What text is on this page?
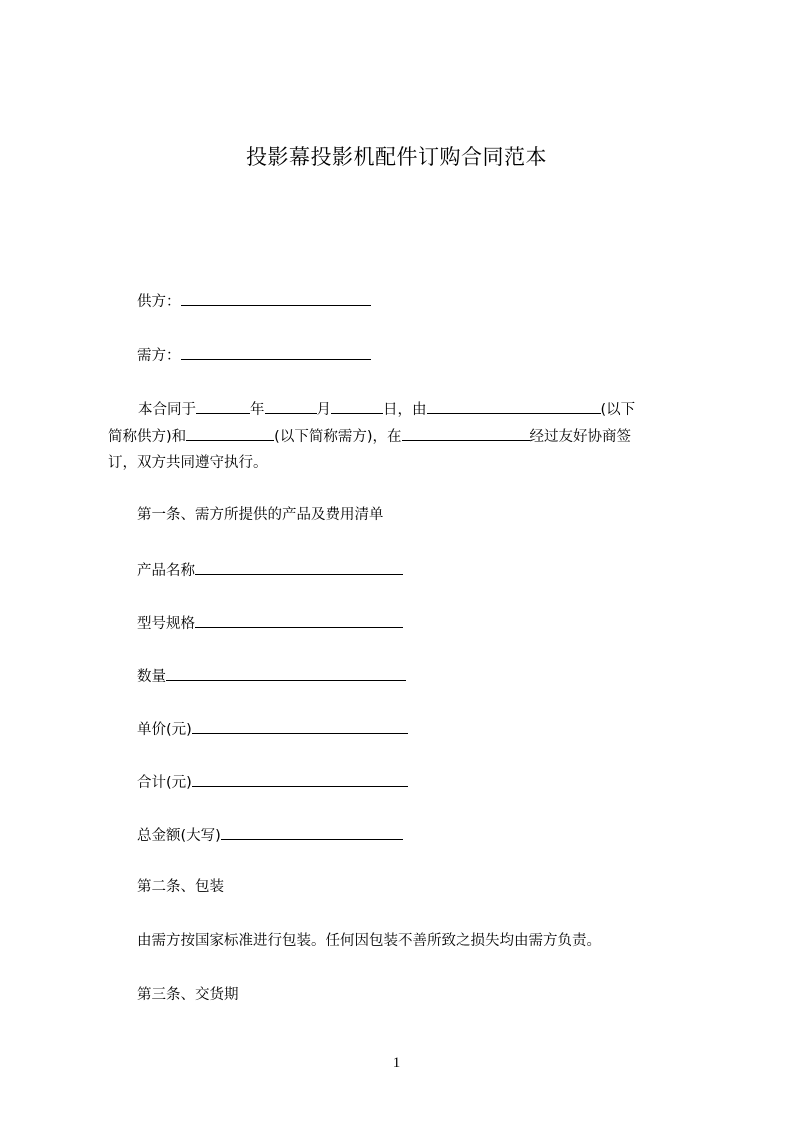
投影幕投影机配件订购合同范本
供方：
需方：
本合同于	年	月	日，由	(以下
简称供方)和	(以下简称需方)，在	经过友好协商签
订，双方共同遵守执行。
第一条、需方所提供的产品及费用清单
产品名称
型号规格
数量
单价(元)
合计(元)
总金额(大写)
第二条、包装
由需方按国家标准进行包装。任何因包装不善所致之损失均由需方负责。
第三条、交货期
1
